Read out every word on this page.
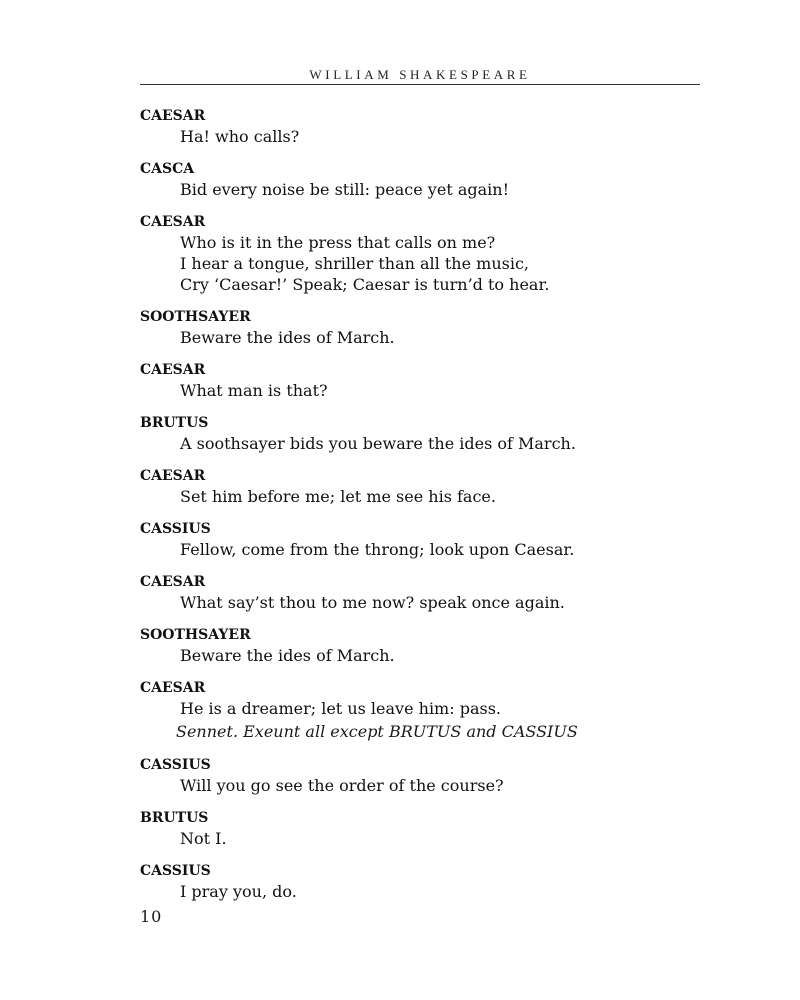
WILLIAM SHAKESPEARE
CAESAR
Ha! who calls?
CASCA
Bid every noise be still: peace yet again!
CAESAR
Who is it in the press that calls on me?
I hear a tongue, shriller than all the music,
Cry ‘Caesar!’ Speak; Caesar is turn’d to hear.
SOOTHSAYER
Beware the ides of March.
CAESAR
What man is that?
BRUTUS
A soothsayer bids you beware the ides of March.
CAESAR
Set him before me; let me see his face.
CASSIUS
Fellow, come from the throng; look upon Caesar.
CAESAR
What say’st thou to me now? speak once again.
SOOTHSAYER
Beware the ides of March.
CAESAR
He is a dreamer; let us leave him: pass.
Sennet. Exeunt all except BRUTUS and CASSIUS
CASSIUS
Will you go see the order of the course?
BRUTUS
Not I.
CASSIUS
I pray you, do.
10
